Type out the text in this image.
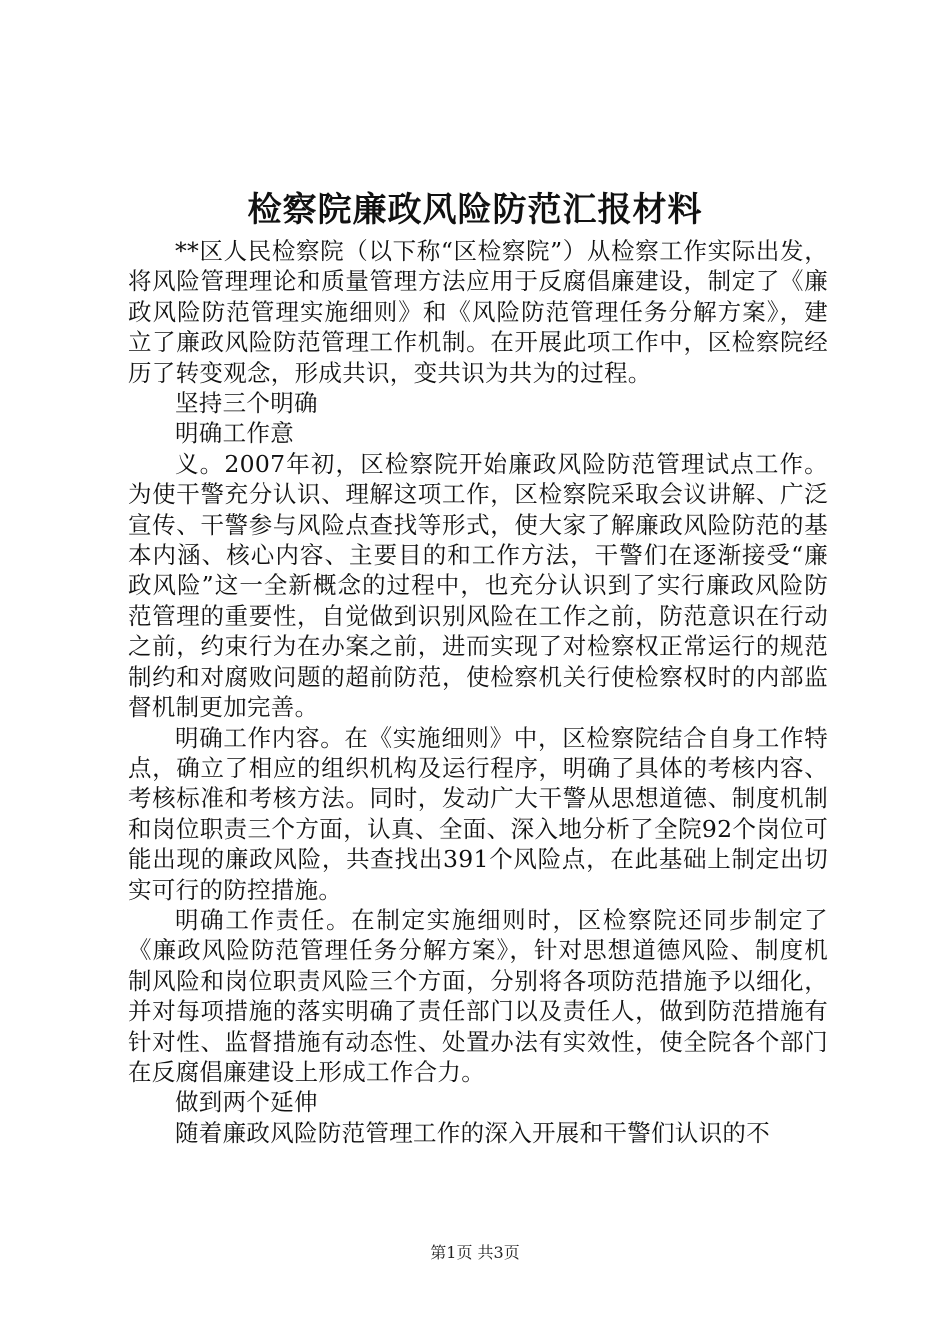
检察院廉政风险防范汇报材料

**区人民检察院（以下称“区检察院”）从检察工作实际出发，将风险管理理论和质量管理方法应用于反腐倡廉建设，制定了《廉政风险防范管理实施细则》和《风险防范管理任务分解方案》，建立了廉政风险防范管理工作机制。在开展此项工作中，区检察院经历了转变观念，形成共识，变共识为共为的过程。

坚持三个明确

明确工作意

义。2007年初，区检察院开始廉政风险防范管理试点工作。为使干警充分认识、理解这项工作，区检察院采取会议讲解、广泛宣传、干警参与风险点查找等形式，使大家了解廉政风险防范的基本内涵、核心内容、主要目的和工作方法，干警们在逐渐接受“廉政风险”这一全新概念的过程中，也充分认识到了实行廉政风险防范管理的重要性，自觉做到识别风险在工作之前，防范意识在行动之前，约束行为在办案之前，进而实现了对检察权正常运行的规范制约和对腐败问题的超前防范，使检察机关行使检察权时的内部监督机制更加完善。

明确工作内容。在《实施细则》中，区检察院结合自身工作特点，确立了相应的组织机构及运行程序，明确了具体的考核内容、考核标准和考核方法。同时，发动广大干警从思想道德、制度机制和岗位职责三个方面，认真、全面、深入地分析了全院92个岗位可能出现的廉政风险，共查找出391个风险点，在此基础上制定出切实可行的防控措施。

明确工作责任。在制定实施细则时，区检察院还同步制定了《廉政风险防范管理任务分解方案》，针对思想道德风险、制度机制风险和岗位职责风险三个方面，分别将各项防范措施予以细化，并对每项措施的落实明确了责任部门以及责任人，做到防范措施有针对性、监督措施有动态性、处置办法有实效性，使全院各个部门在反腐倡廉建设上形成工作合力。

做到两个延伸

随着廉政风险防范管理工作的深入开展和干警们认识的不

第1页 共3页
